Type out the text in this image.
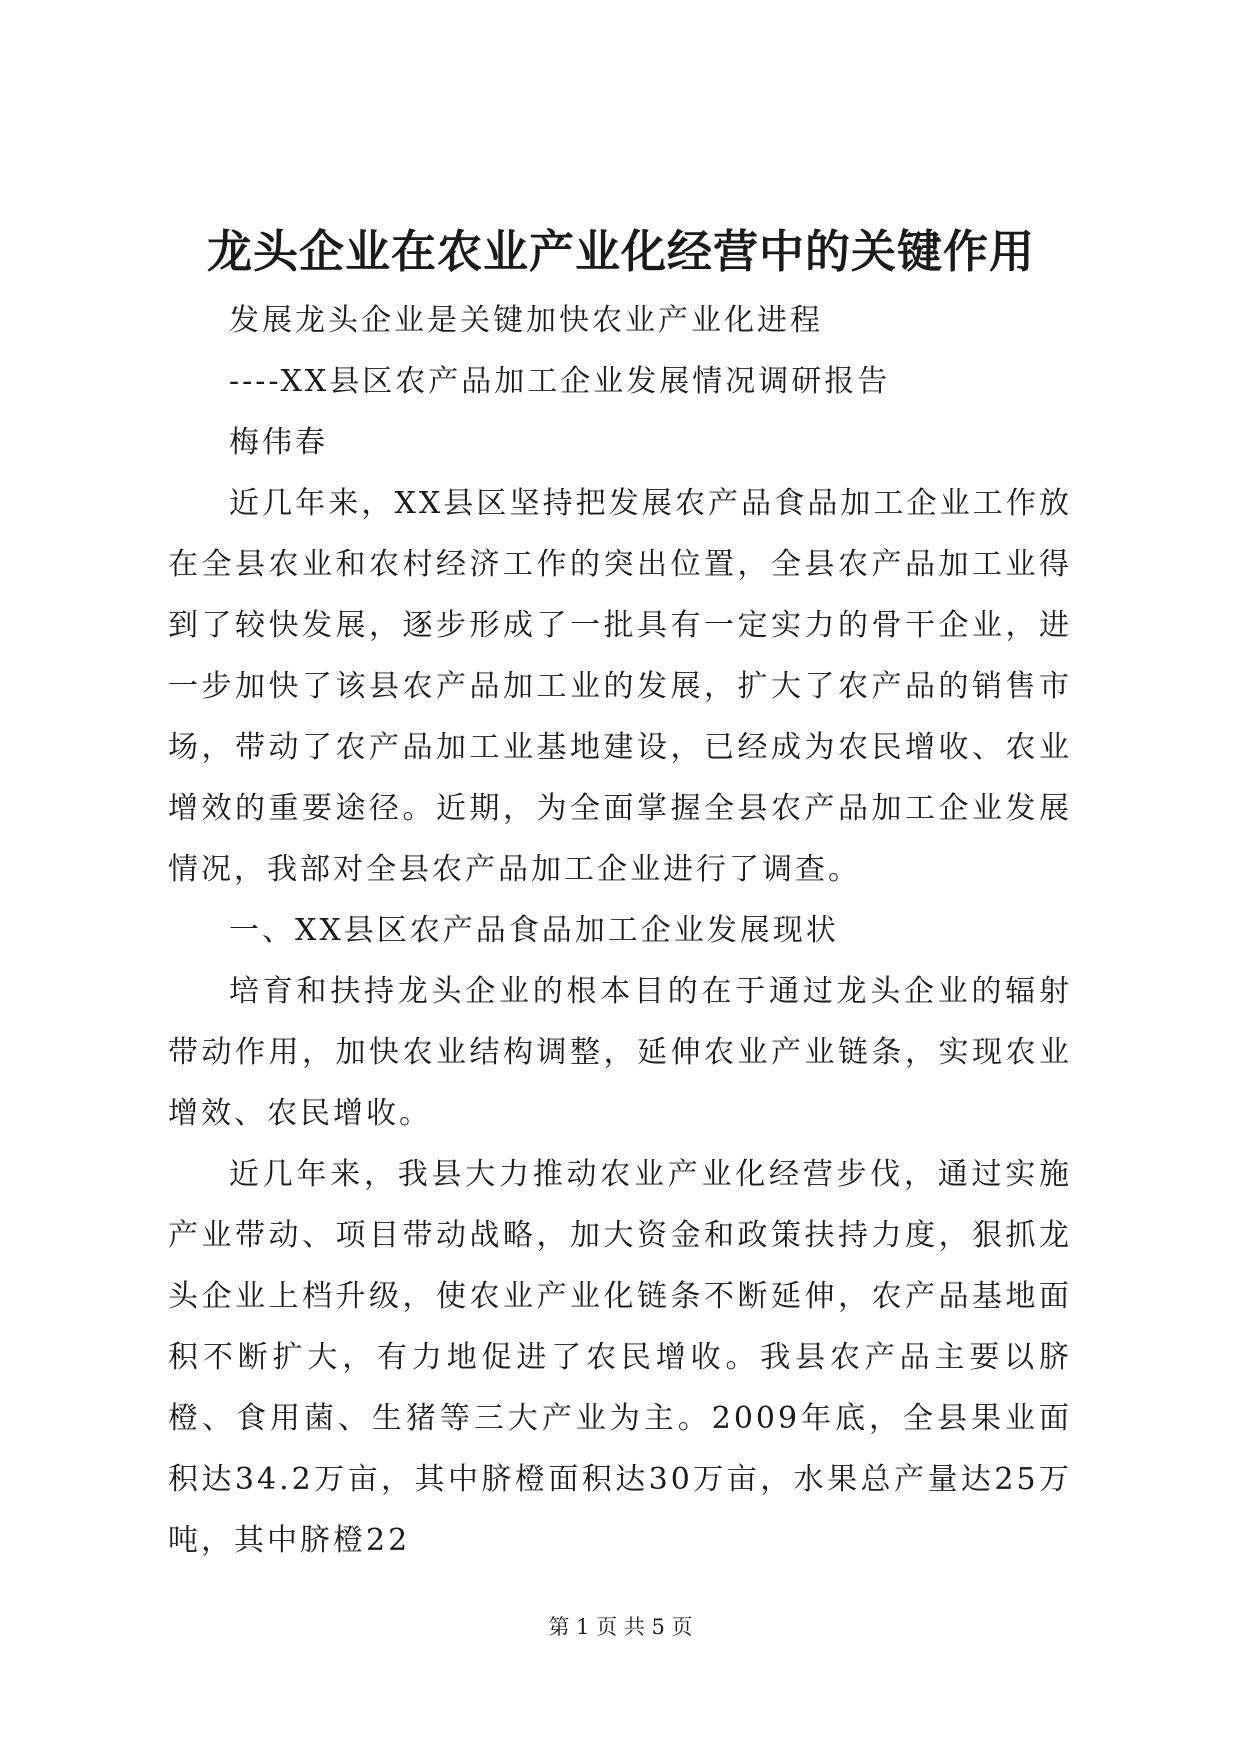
龙头企业在农业产业化经营中的关键作用

发展龙头企业是关键加快农业产业化进程

----XX县区农产品加工企业发展情况调研报告

梅伟春

近几年来，XX县区坚持把发展农产品食品加工企业工作放在全县农业和农村经济工作的突出位置，全县农产品加工业得到了较快发展，逐步形成了一批具有一定实力的骨干企业，进一步加快了该县农产品加工业的发展，扩大了农产品的销售市场，带动了农产品加工业基地建设，已经成为农民增收、农业增效的重要途径。近期，为全面掌握全县农产品加工企业发展情况，我部对全县农产品加工企业进行了调查。

一、XX县区农产品食品加工企业发展现状

培育和扶持龙头企业的根本目的在于通过龙头企业的辐射带动作用，加快农业结构调整，延伸农业产业链条，实现农业增效、农民增收。

近几年来，我县大力推动农业产业化经营步伐，通过实施产业带动、项目带动战略，加大资金和政策扶持力度，狠抓龙头企业上档升级，使农业产业化链条不断延伸，农产品基地面积不断扩大，有力地促进了农民增收。我县农产品主要以脐橙、食用菌、生猪等三大产业为主。2009年底，全县果业面积达34.2万亩，其中脐橙面积达30万亩，水果总产量达25万吨，其中脐橙22

第 1 页 共 5 页
